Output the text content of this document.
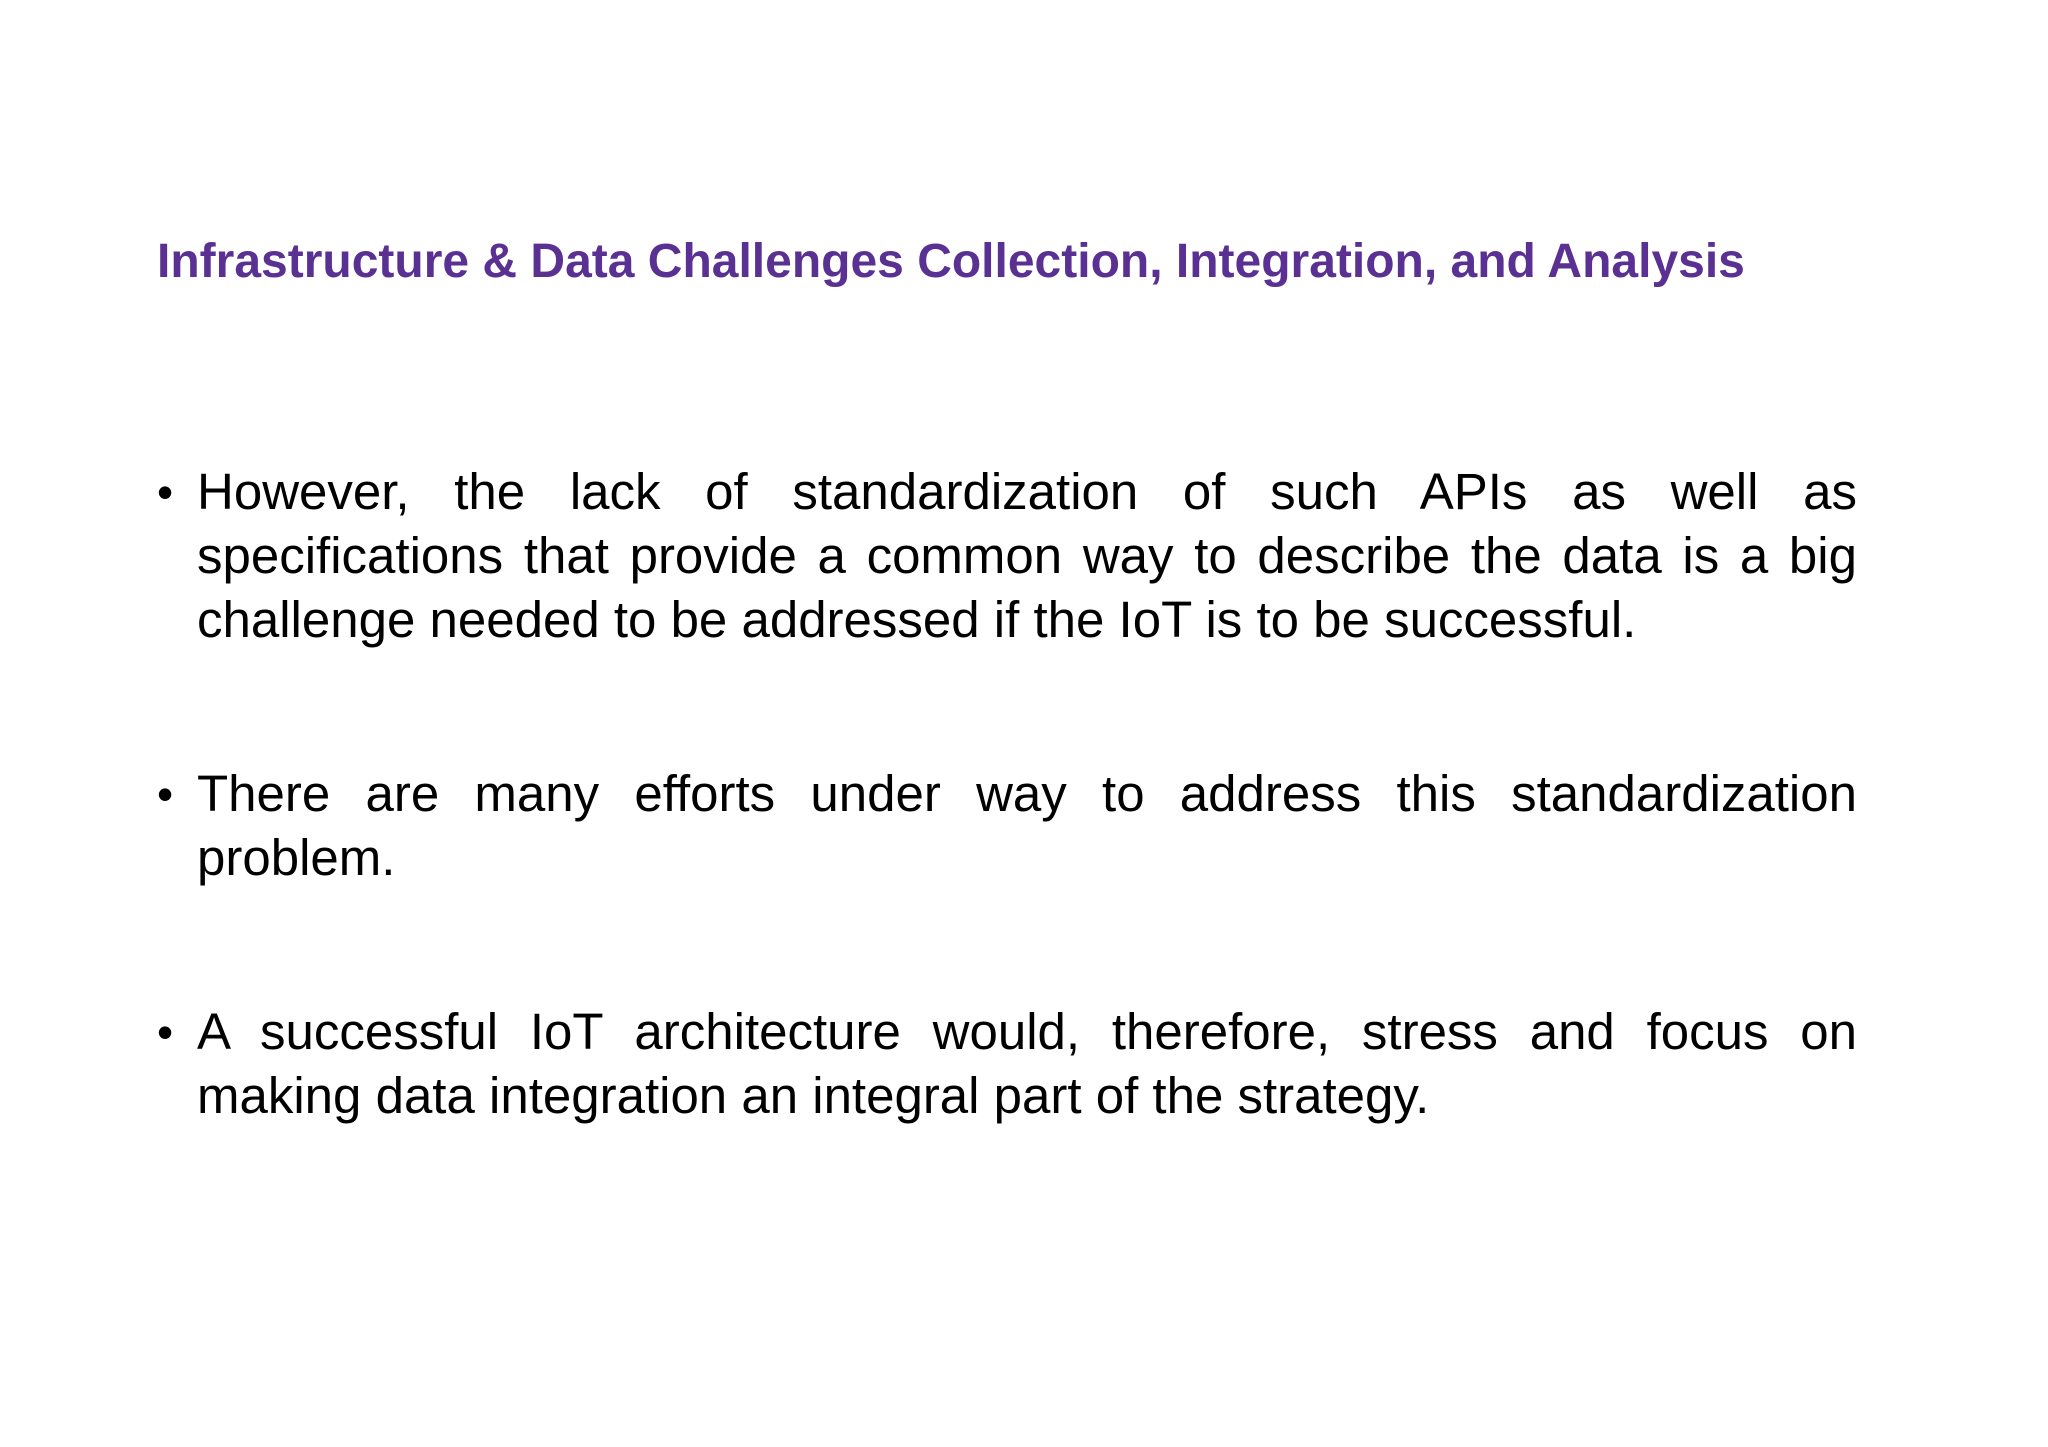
Infrastructure & Data Challenges Collection, Integration, and Analysis
• However, the lack of standardization of such APIs as well as specifications that provide a common way to describe the data is a big challenge needed to be addressed if the IoT is to be successful.
• There are many efforts under way to address this standardization problem.
• A successful IoT architecture would, therefore, stress and focus on making data integration an integral part of the strategy.
